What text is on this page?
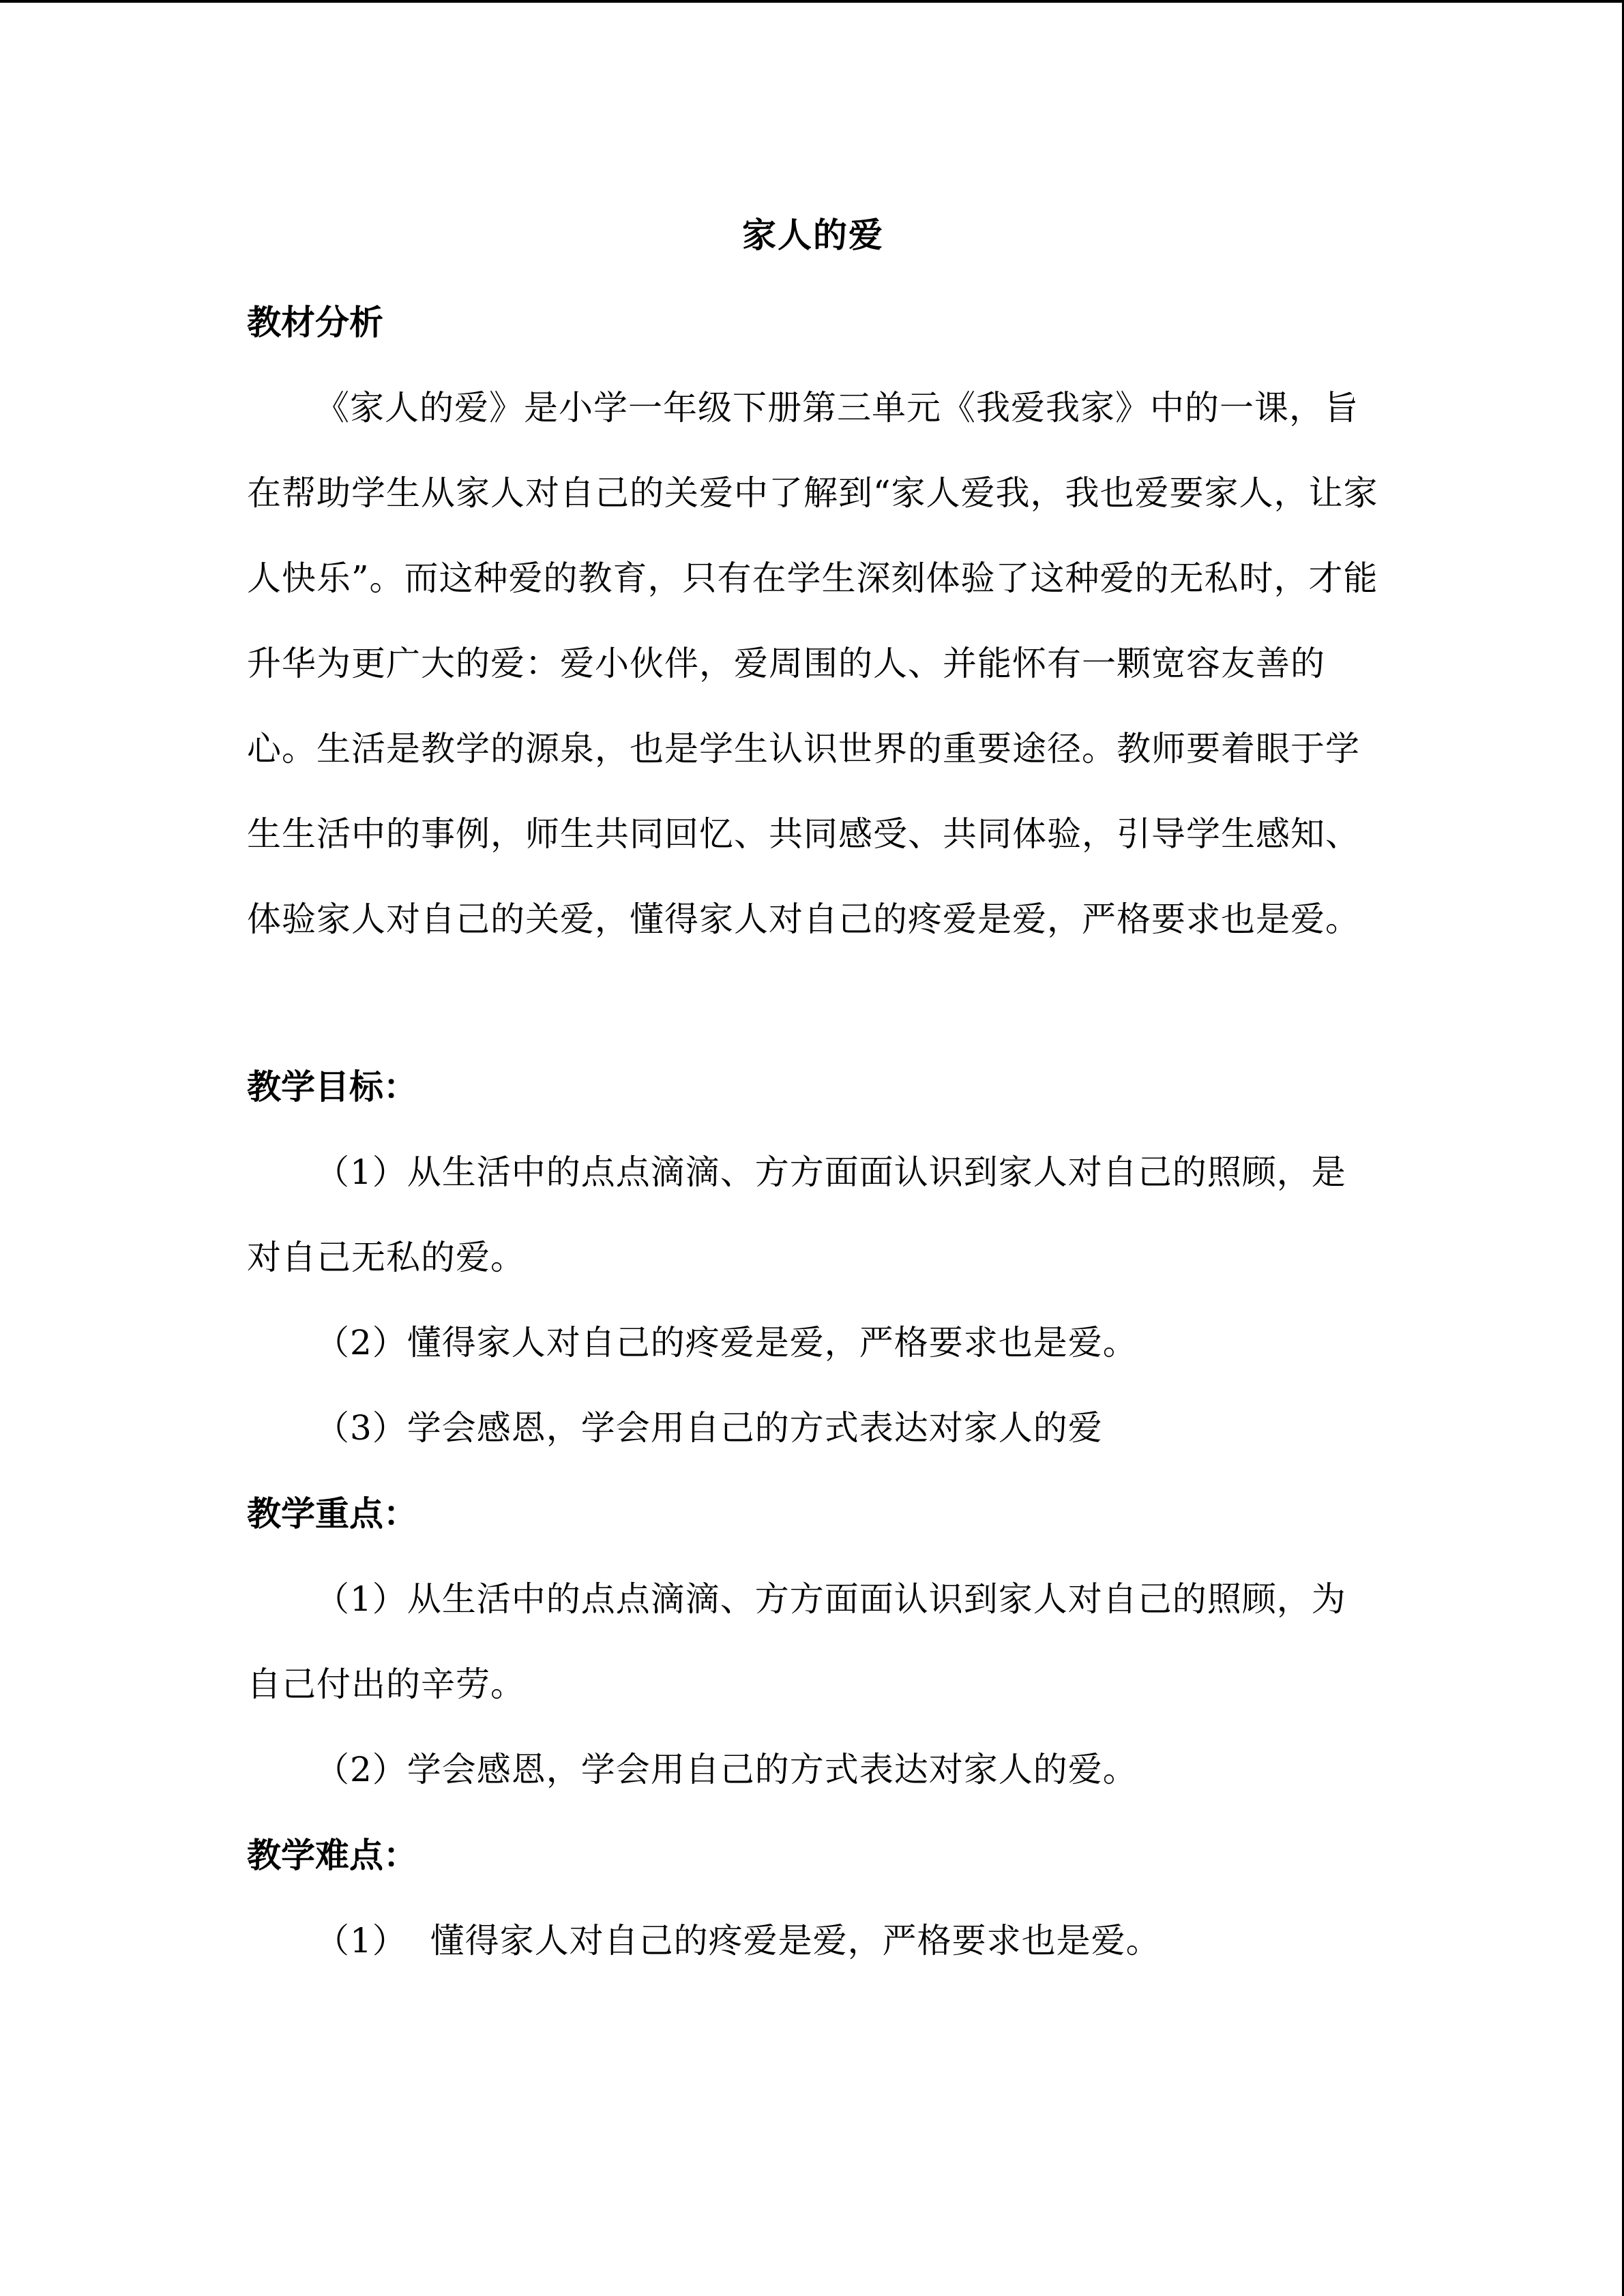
家人的爱
教材分析

《家人的爱》是小学一年级下册第三单元《我爱我家》中的一课，旨在帮助学生从家人对自己的关爱中了解到“家人爱我，我也爱要家人，让家人快乐”。而这种爱的教育，只有在学生深刻体验了这种爱的无私时，才能升华为更广大的爱：爱小伙伴，爱周围的人、并能怀有一颗宽容友善的心。生活是教学的源泉，也是学生认识世界的重要途径。教师要着眼于学生生活中的事例，师生共同回忆、共同感受、共同体验，引导学生感知、体验家人对自己的关爱，懂得家人对自己的疼爱是爱，严格要求也是爱。

教学目标：

（1）从生活中的点点滴滴、方方面面认识到家人对自己的照顾，是对自己无私的爱。

（2）懂得家人对自己的疼爱是爱，严格要求也是爱。

（3）学会感恩，学会用自己的方式表达对家人的爱

教学重点：

（1）从生活中的点点滴滴、方方面面认识到家人对自己的照顾，为自己付出的辛劳。

（2）学会感恩，学会用自己的方式表达对家人的爱。

教学难点：

（1）  懂得家人对自己的疼爱是爱，严格要求也是爱。
